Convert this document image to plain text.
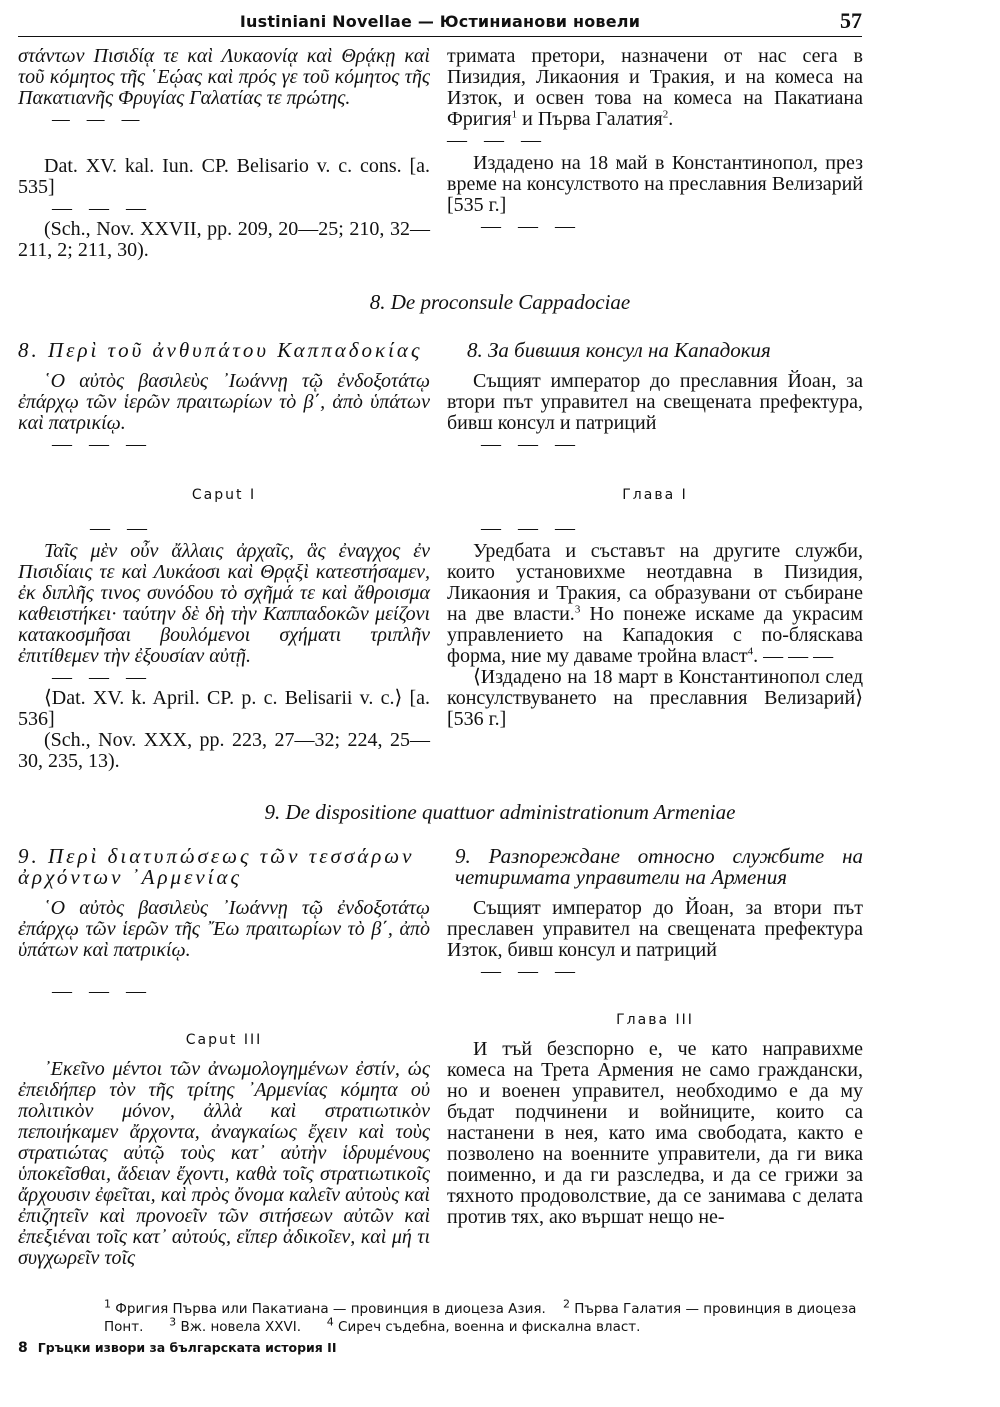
Iustiniani Novellae — Юстинианови новели	57

στάντων Πισιδίᾳ τε καὶ Λυκαονίᾳ καὶ Θρᾴκῃ καὶ τοῦ κόμητος τῆς ῾Εῴας καὶ πρός γε τοῦ κόμητος τῆς Πακατιανῆς Φρυγίας Γαλατίας τε πρώτης.

— — —

Dat. XV. kal. Iun. CP. Belisario v. c. cons. [a. 535]

— — —

(Sch., Nov. XXVII, pp. 209, 20—25; 210, 32—211, 2; 211, 30).

тримата претори, назначени от нас сега в Пизидия, Ликаония и Тракия, и на комеса на Изток, и освен това на комеса на Пакатиана Фригия$^1$ и Първа Галатия$^2$.

— — —

Издадено на 18 май в Константинопол, през време на консулството на преславния Велизарий [535 г.]

— — —

8. De proconsule Cappadociae

8. Περὶ τοῦ ἀνθυπάτου Καππαδοκίας

῾Ο αὐτὸς βασιλεὺς ᾿Ιωάννῃ τῷ ἐνδοξοτάτῳ ἐπάρχῳ τῶν ἱερῶν πραιτωρίων τὸ β΄, ἀπὸ ὑπάτων καὶ πατρικίῳ.

— — —

Caput I

— —

Ταῖς μὲν οὖν ἄλλαις ἀρχαῖς, ἃς ἐναγχος ἐν Πισιδίαις τε καὶ Λυκάοσι καὶ Θρᾳξὶ κατεστήσαμεν, ἐκ διπλῆς τινος συνόδου τὸ σχῆμά τε καὶ ἄθροισμα καθειστήκει· ταύτην δὲ δὴ τὴν Καππαδοκῶν μείζονι κατακοσμῆσαι βουλόμενοι σχήματι τριπλῆν ἐπιτίθεμεν τὴν ἐξουσίαν αὐτῇ.

— — —

⟨Dat. XV. k. April. CP. p. c. Belisarii v. c.⟩ [a. 536]

(Sch., Nov. XXX, pp. 223, 27—32; 224, 25—30, 235, 13).

8. За бившия консул на Кападокия

Същият император до преславния Йоан, за втори път управител на свещената префектура, бивш консул и патриций

— — —

Глава I

— — —

Уредбата и съставът на другите служби, които установихме неотдавна в Пизидия, Ликаония и Тракия, са образувани от събиране на две власти.$^3$ Но понеже искаме да украсим управлението на Кападокия с по-бляскава форма, ние му даваме тройна власт$^4$. — — —

⟨Издадено на 18 март в Константинопол след консулствуването на преславния Велизарий⟩ [536 г.]

9. De dispositione quattuor administrationum Armeniae

9. Περὶ διατυπώσεως τῶν τεσσάρων ἀρχόντων ᾿Αρμενίας

῾Ο αὐτὸς βασιλεὺς ᾿Ιωάννῃ τῷ ἐνδοξοτάτῳ ἐπάρχῳ τῶν ἱερῶν τῆς ῎Εω πραιτωρίων τὸ β΄, ἀπὸ ὑπάτων καὶ πατρικίῳ.

— — —

Caput III

᾿Εκεῖνο μέντοι τῶν ἀνωμολογημένων ἐστίν, ὡς ἐπειδήπερ τὸν τῆς τρίτης ᾿Αρμενίας κόμητα οὐ πολιτικὸν μόνον, ἀλλὰ καὶ στρατιωτικὸν πεποιήκαμεν ἄρχοντα, ἀναγκαίως ἔχειν καὶ τοὺς στρατιώτας αὐτῷ τοὺς κατ᾽ αὐτὴν ἱδρυμένους ὑποκεῖσθαι, ἄδειαν ἔχοντι, καθὰ τοῖς στρατιωτικοῖς ἄρχουσιν ἐφεῖται, καὶ πρὸς ὄνομα καλεῖν αὐτοὺς καὶ ἐπιζητεῖν καὶ προνοεῖν τῶν σιτήσεων αὐτῶν καὶ ἐπεξιέναι τοῖς κατ᾽ αὐτούς, εἴπερ ἀδικοῖεν, καὶ μή τι συγχωρεῖν τοῖς

9. Разпореждане относно службите на четиримата управители на Армения

Същият император до Йоан, за втори път преславен управител на свещената префектура Изток, бивш консул и патриций

— — —

Глава III

И тъй безспорно е, че като направихме комеса на Трета Армения не само граждански, но и военен управител, необходимо е да му бъдат подчинени и войниците, които са настанени в нея, като има свободата, както е позволено на военните управители, да ги вика поименно, и да ги разследва, и да се грижи за тяхното продоволствие, да се занимава с делата против тях, ако вършат нещо не-

$^1$ Фригия Първа или Пакатиана — провинция в диоцеза Азия. $^2$ Първа Галатия — провинция в диоцеза Понт. $^3$ Вж. новела XXVI. $^4$ Сиреч съдебна, военна и фискална власт.
8 Гръцки извори за българската история II
